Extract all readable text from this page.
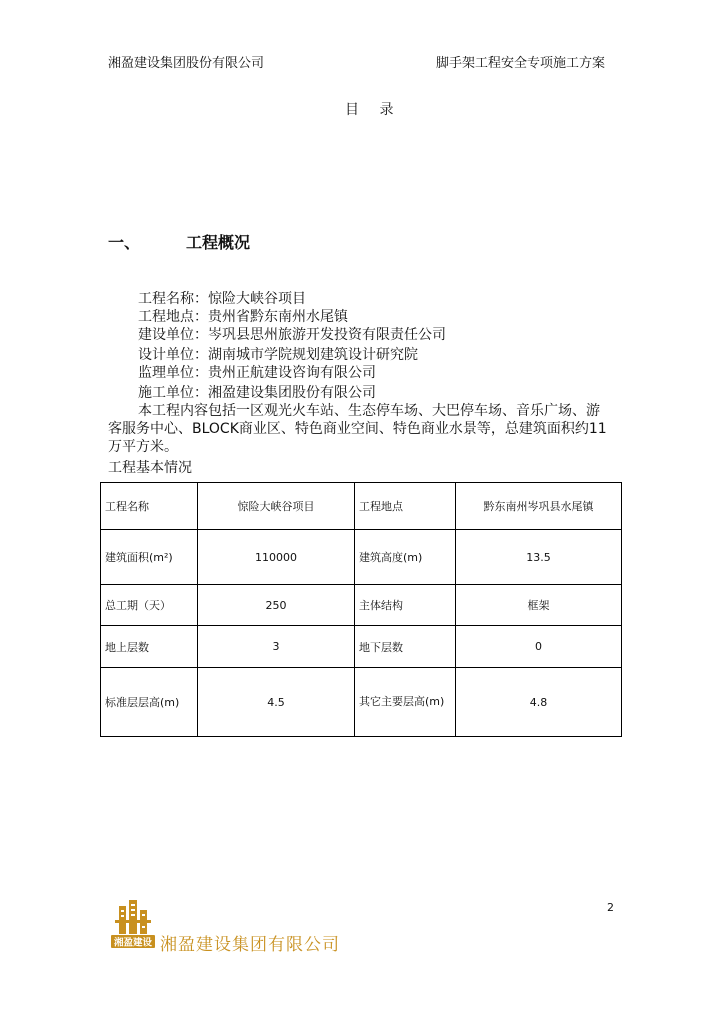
湘盈建设集团股份有限公司	脚手架工程安全专项施工方案
目 录
一、	工程概况
工程名称：惊险大峡谷项目
工程地点：贵州省黔东南州水尾镇
建设单位：岑巩县思州旅游开发投资有限责任公司
设计单位：湖南城市学院规划建筑设计研究院
监理单位：贵州正航建设咨询有限公司
施工单位：湘盈建设集团股份有限公司
本工程内容包括一区观光火车站、生态停车场、大巴停车场、音乐广场、游客服务中心、BLOCK商业区、特色商业空间、特色商业水景等，总建筑面积约11万平方米。
工程基本情况
工程名称	惊险大峡谷项目	工程地点	黔东南州岑巩县水尾镇
建筑面积(m²)	110000	建筑高度(m)	13.5
总工期（天）	250	主体结构	框架
地上层数	3	地下层数	0
标准层层高(m)	4.5	其它主要层高(m)	4.8
2
湘盈建设 湘盈建设集团有限公司
